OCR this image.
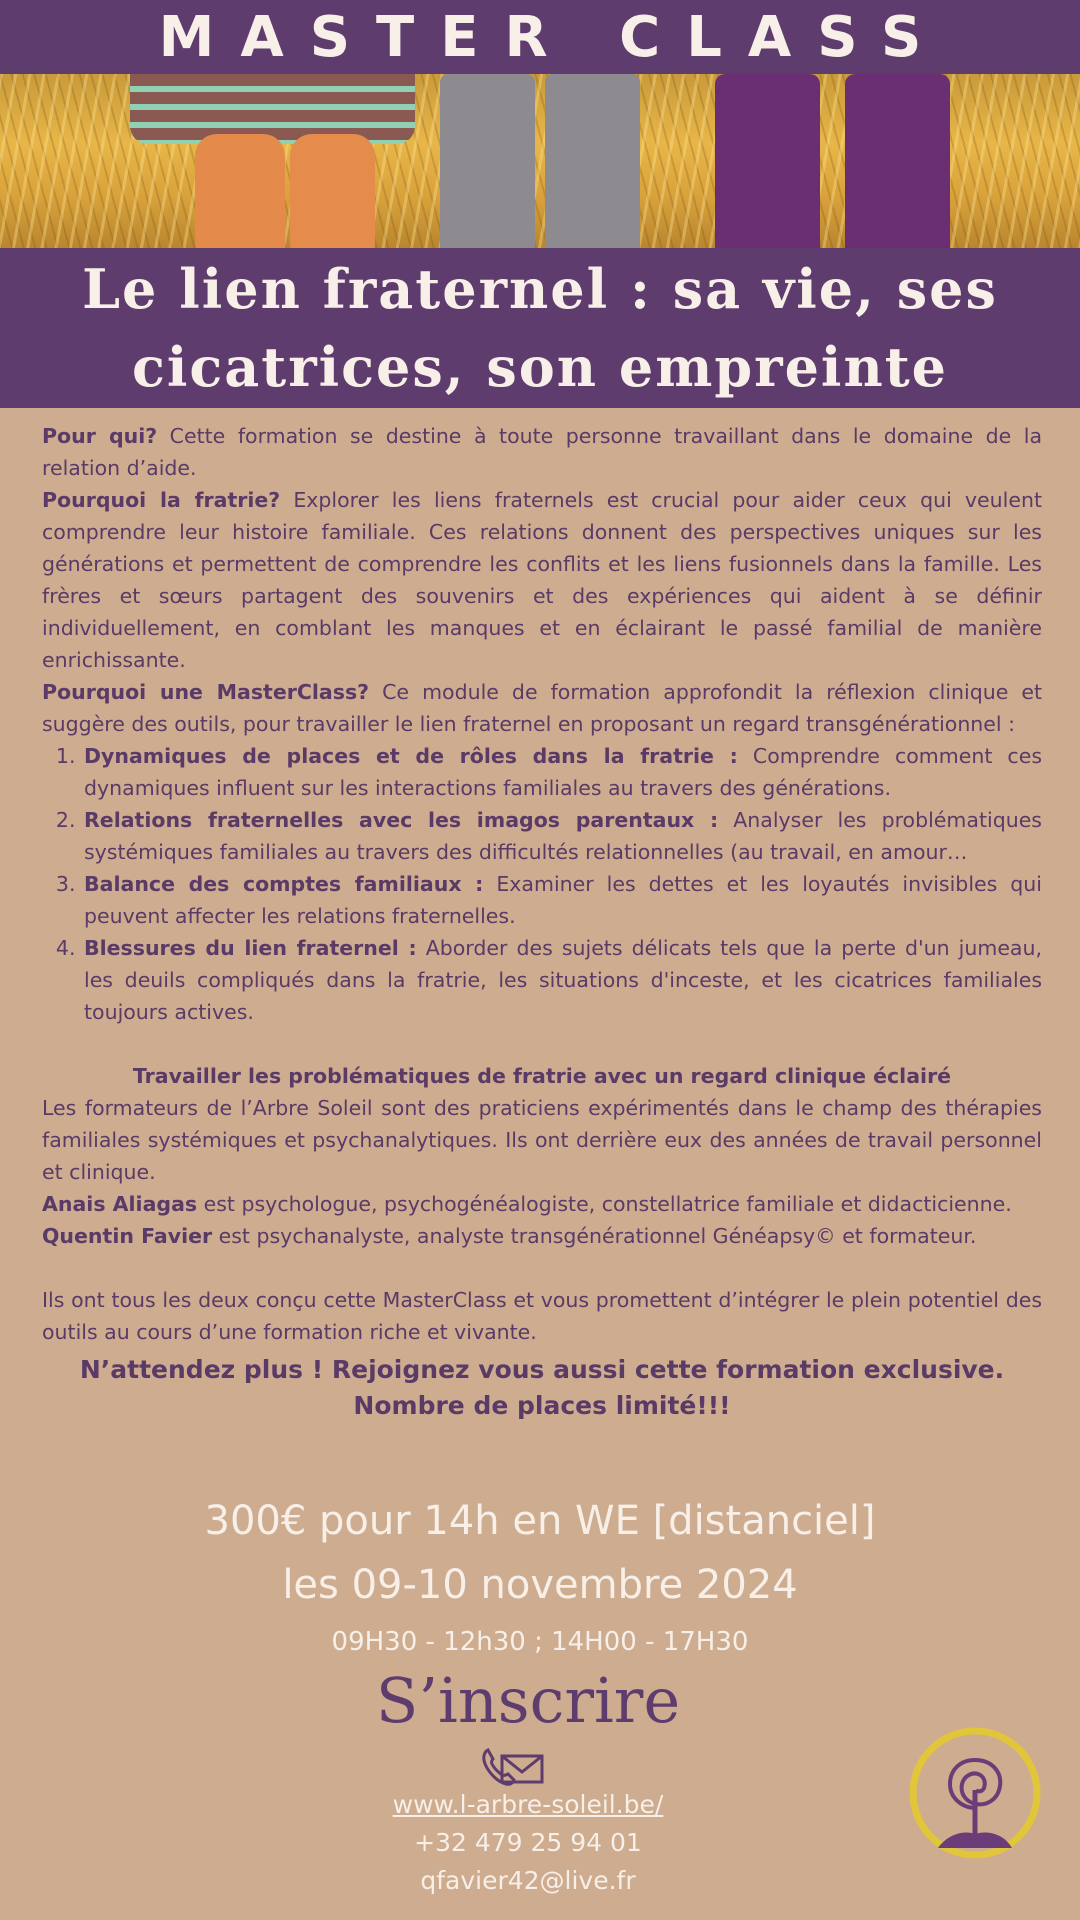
MASTER CLASS
Le lien fraternel : sa vie, ses
cicatrices, son empreinte

Pour qui? Cette formation se destine à toute personne travaillant dans le domaine de la relation d’aide.

Pourquoi la fratrie? Explorer les liens fraternels est crucial pour aider ceux qui veulent comprendre leur histoire familiale. Ces relations donnent des perspectives uniques sur les générations et permettent de comprendre les conflits et les liens fusionnels dans la famille. Les frères et sœurs partagent des souvenirs et des expériences qui aident à se définir individuellement, en comblant les manques et en éclairant le passé familial de manière enrichissante.

Pourquoi une MasterClass? Ce module de formation approfondit la réflexion clinique et suggère des outils, pour travailler le lien fraternel en proposant un regard transgénérationnel :

1. Dynamiques de places et de rôles dans la fratrie : Comprendre comment ces dynamiques influent sur les interactions familiales au travers des générations.
2. Relations fraternelles avec les imagos parentaux : Analyser les problématiques systémiques familiales au travers des difficultés relationnelles (au travail, en amour…
3. Balance des comptes familiaux : Examiner les dettes et les loyautés invisibles qui peuvent affecter les relations fraternelles.
4. Blessures du lien fraternel : Aborder des sujets délicats tels que la perte d'un jumeau, les deuils compliqués dans la fratrie, les situations d'inceste, et les cicatrices familiales toujours actives.

Travailler les problématiques de fratrie avec un regard clinique éclairé

Les formateurs de l’Arbre Soleil sont des praticiens expérimentés dans le champ des thérapies familiales systémiques et psychanalytiques. Ils ont derrière eux des années de travail personnel et clinique.

Anais Aliagas est psychologue, psychogénéalogiste, constellatrice familiale et didacticienne.

Quentin Favier est psychanalyste, analyste transgénérationnel Généapsy© et formateur.

Ils ont tous les deux conçu cette MasterClass et vous promettent d’intégrer le plein potentiel des outils au cours d’une formation riche et vivante.

N’attendez plus ! Rejoignez vous aussi cette formation exclusive. Nombre de places limité!!!

300€ pour 14h en WE [distanciel]
les 09-10 novembre 2024
09H30 - 12h30 ; 14H00 - 17H30
S’inscrire
www.l-arbre-soleil.be/
+32 479 25 94 01
qfavier42@live.fr
